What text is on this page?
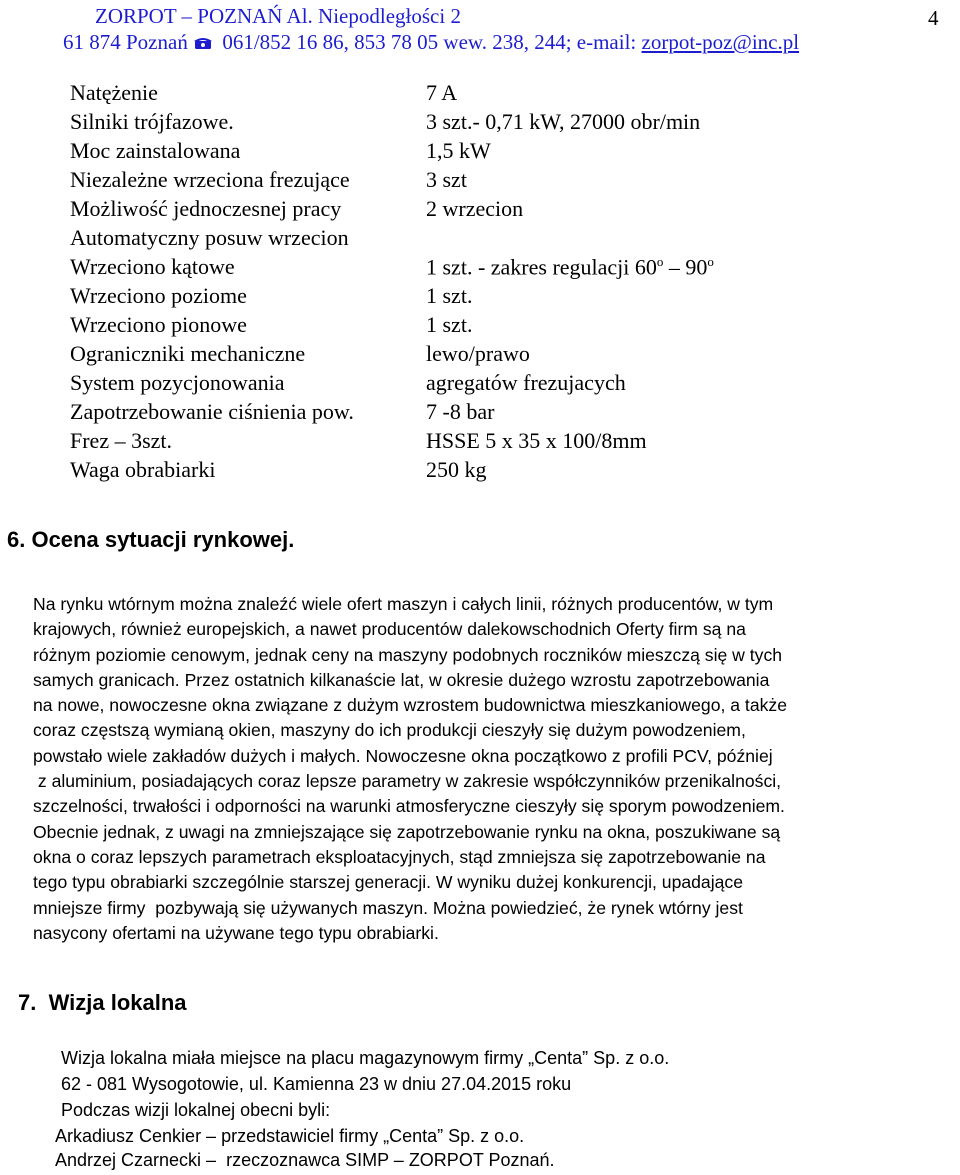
ZORPOT – POZNAŃ Al. Niepodległości 2
61 874 Poznań 061/852 16 86, 853 78 05 wew. 238, 244; e-mail: zorpot-poz@inc.pl
4
Natężenie	7 A
Silniki trójfazowe.	3 szt.- 0,71 kW, 27000 obr/min
Moc zainstalowana	1,5 kW
Niezależne wrzeciona frezujące	3 szt
Możliwość jednoczesnej pracy	2 wrzecion
Automatyczny posuw wrzecion
Wrzeciono kątowe	1 szt. - zakres regulacji 60$^o$ – 90$^o$
Wrzeciono poziome	1 szt.
Wrzeciono pionowe	1 szt.
Ograniczniki mechaniczne	lewo/prawo
System pozycjonowania	agregatów frezujacych
Zapotrzebowanie ciśnienia pow.	7 -8 bar
Frez – 3szt.	HSSE 5 x 35 x 100/8mm
Waga obrabiarki	250 kg
6. Ocena sytuacji rynkowej.
Na rynku wtórnym można znaleźć wiele ofert maszyn i całych linii, różnych producentów, w tym
krajowych, również europejskich, a nawet producentów dalekowschodnich Oferty firm są na
różnym poziomie cenowym, jednak ceny na maszyny podobnych roczników mieszczą się w tych
samych granicach. Przez ostatnich kilkanaście lat, w okresie dużego wzrostu zapotrzebowania
na nowe, nowoczesne okna związane z dużym wzrostem budownictwa mieszkaniowego, a także
coraz częstszą wymianą okien, maszyny do ich produkcji cieszyły się dużym powodzeniem,
powstało wiele zakładów dużych i małych. Nowoczesne okna początkowo z profili PCV, później
z aluminium, posiadających coraz lepsze parametry w zakresie współczynników przenikalności,
szczelności, trwałości i odporności na warunki atmosferyczne cieszyły się sporym powodzeniem.
Obecnie jednak, z uwagi na zmniejszające się zapotrzebowanie rynku na okna, poszukiwane są
okna o coraz lepszych parametrach eksploatacyjnych, stąd zmniejsza się zapotrzebowanie na
tego typu obrabiarki szczególnie starszej generacji. W wyniku dużej konkurencji, upadające
mniejsze firmy  pozbywają się używanych maszyn. Można powiedzieć, że rynek wtórny jest
nasycony ofertami na używane tego typu obrabiarki.
7.  Wizja lokalna
Wizja lokalna miała miejsce na placu magazynowym firmy „Centa” Sp. z o.o.
62 - 081 Wysogotowie, ul. Kamienna 23 w dniu 27.04.2015 roku
Podczas wizji lokalnej obecni byli:
Arkadiusz Cenkier – przedstawiciel firmy „Centa” Sp. z o.o.
Andrzej Czarnecki –  rzeczoznawca SIMP – ZORPOT Poznań.
